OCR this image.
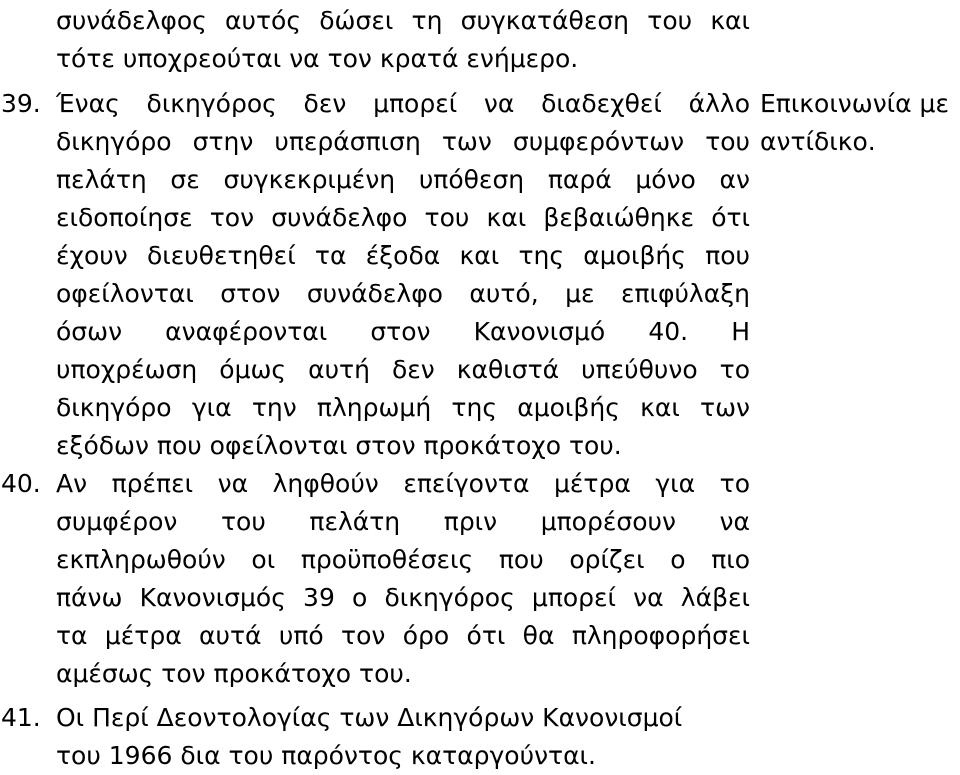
συνάδελφος αυτός δώσει τη συγκατάθεση του και
τότε υποχρεούται να τον κρατά ενήμερο.
39. Ένας δικηγόρος δεν μπορεί να διαδεχθεί άλλο
δικηγόρο στην υπεράσπιση των συμφερόντων του
πελάτη σε συγκεκριμένη υπόθεση παρά μόνο αν
ειδοποίησε τον συνάδελφο του και βεβαιώθηκε ότι
έχουν διευθετηθεί τα έξοδα και της αμοιβής που
οφείλονται στον συνάδελφο αυτό, με επιφύλαξη
όσων αναφέρονται στον Κανονισμό 40. Η
υποχρέωση όμως αυτή δεν καθιστά υπεύθυνο το
δικηγόρο για την πληρωμή της αμοιβής και των
εξόδων που οφείλονται στον προκάτοχο του.
Επικοινωνία με
αντίδικο.
40. Αν πρέπει να ληφθούν επείγοντα μέτρα για το
συμφέρον του πελάτη πριν μπορέσουν να
εκπληρωθούν οι προϋποθέσεις που ορίζει ο πιο
πάνω Κανονισμός 39 ο δικηγόρος μπορεί να λάβει
τα μέτρα αυτά υπό τον όρο ότι θα πληροφορήσει
αμέσως τον προκάτοχο του.
41. Οι Περί Δεοντολογίας των Δικηγόρων Κανονισμοί
του 1966 δια του παρόντος καταργούνται.
